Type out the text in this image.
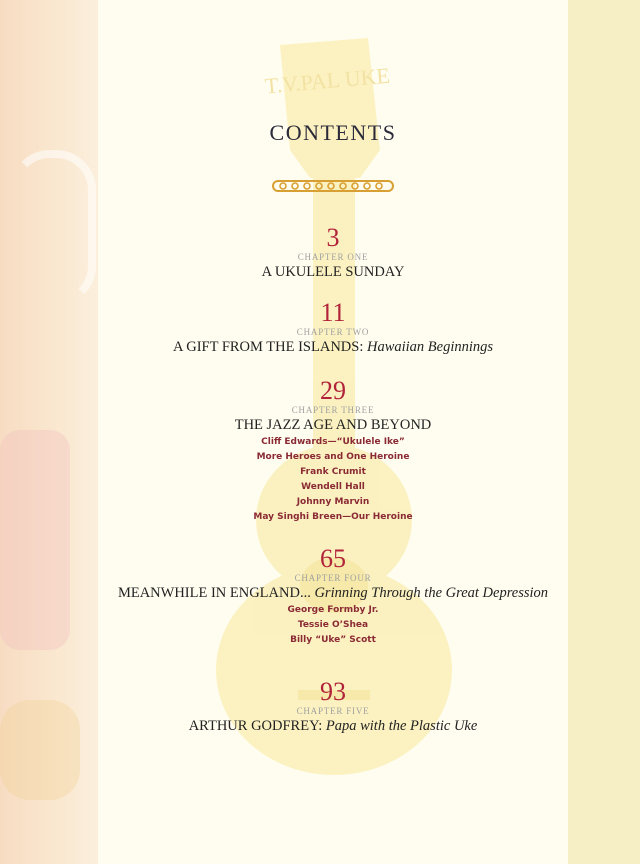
T.V.PAL UKE
CONTENTS
3
CHAPTER ONE
A UKULELE SUNDAY
11
CHAPTER TWO
A GIFT FROM THE ISLANDS: Hawaiian Beginnings
29
CHAPTER THREE
THE JAZZ AGE AND BEYOND
Cliff Edwards—“Ukulele Ike”
More Heroes and One Heroine
Frank Crumit
Wendell Hall
Johnny Marvin
May Singhi Breen—Our Heroine
65
CHAPTER FOUR
MEANWHILE IN ENGLAND... Grinning Through the Great Depression
George Formby Jr.
Tessie O’Shea
Billy “Uke” Scott
93
CHAPTER FIVE
ARTHUR GODFREY: Papa with the Plastic Uke
